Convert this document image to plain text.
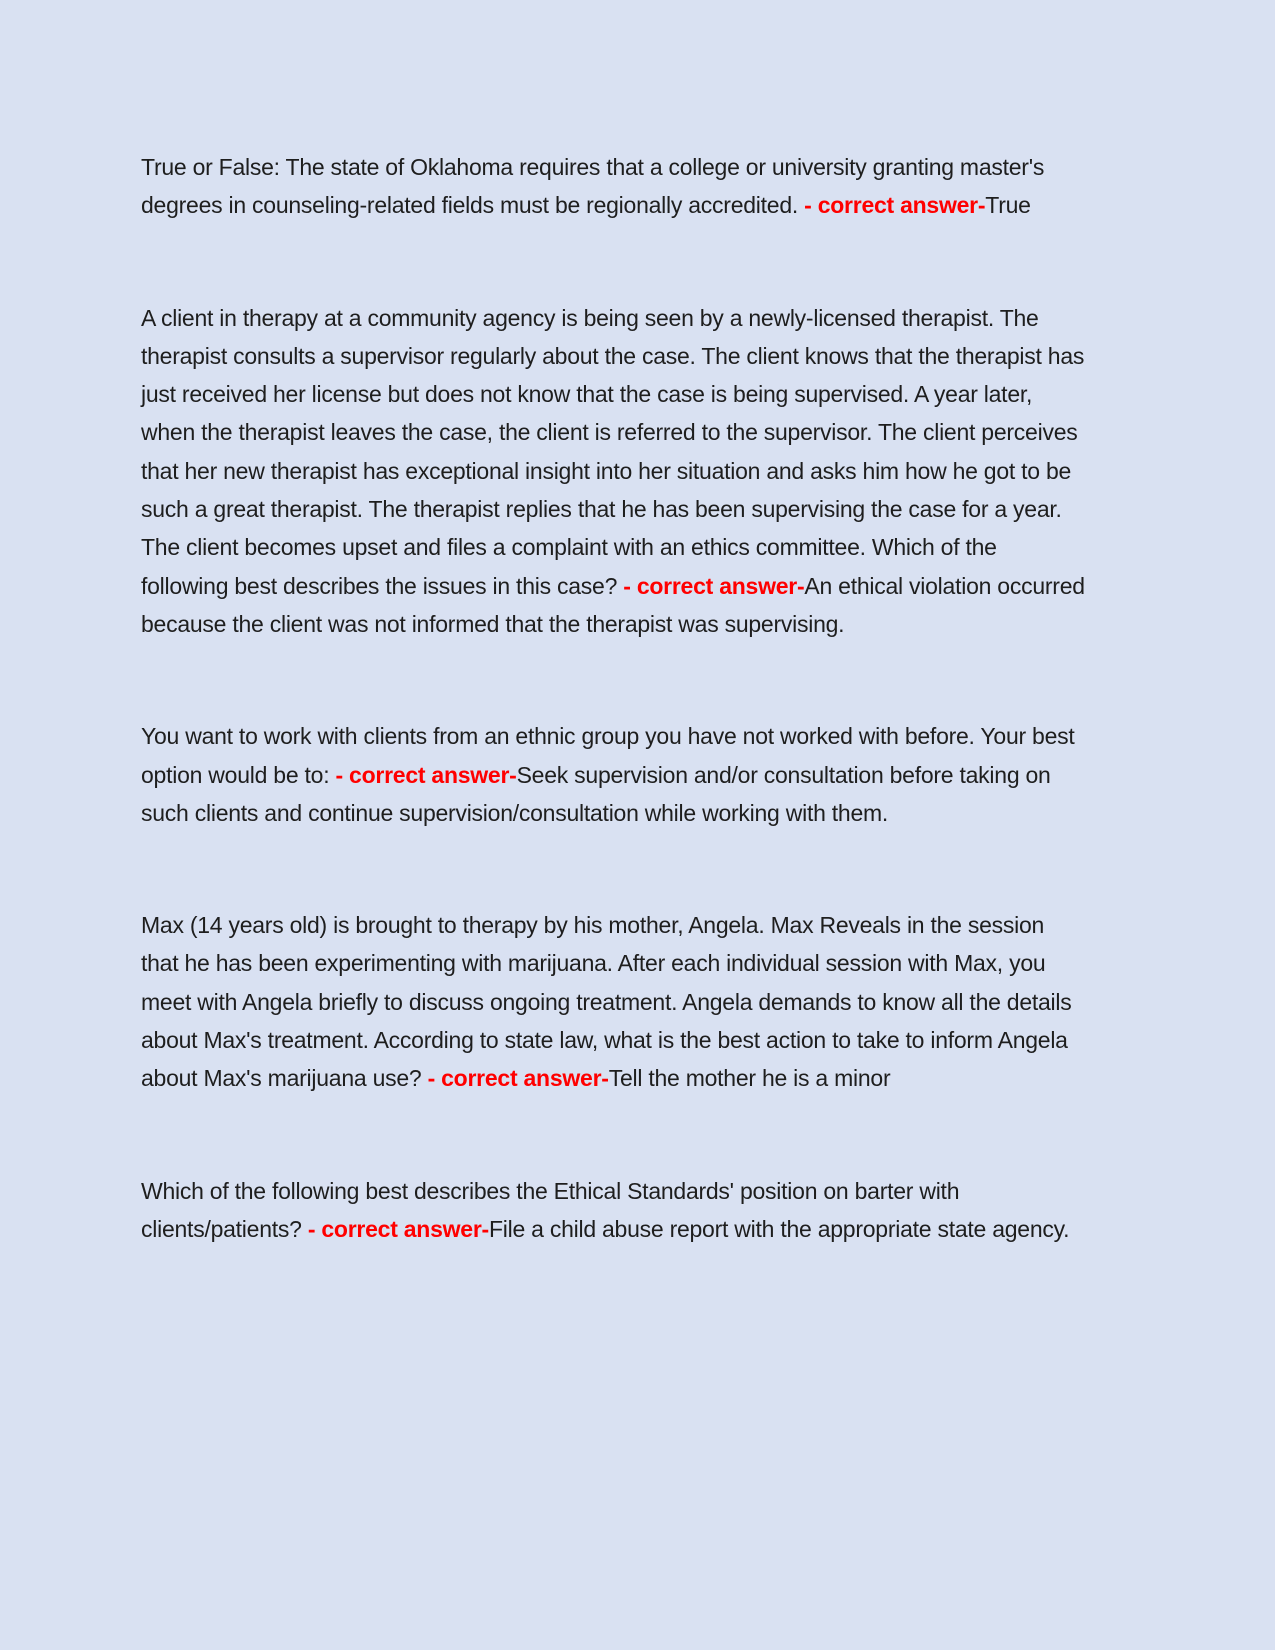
True or False: The state of Oklahoma requires that a college or university granting master's degrees in counseling-related fields must be regionally accredited. - correct answer-True

A client in therapy at a community agency is being seen by a newly-licensed therapist. The therapist consults a supervisor regularly about the case. The client knows that the therapist has just received her license but does not know that the case is being supervised. A year later, when the therapist leaves the case, the client is referred to the supervisor. The client perceives that her new therapist has exceptional insight into her situation and asks him how he got to be such a great therapist. The therapist replies that he has been supervising the case for a year. The client becomes upset and files a complaint with an ethics committee. Which of the following best describes the issues in this case? - correct answer-An ethical violation occurred because the client was not informed that the therapist was supervising.

You want to work with clients from an ethnic group you have not worked with before. Your best option would be to: - correct answer-Seek supervision and/or consultation before taking on such clients and continue supervision/consultation while working with them.

Max (14 years old) is brought to therapy by his mother, Angela. Max Reveals in the session that he has been experimenting with marijuana. After each individual session with Max, you meet with Angela briefly to discuss ongoing treatment. Angela demands to know all the details about Max's treatment. According to state law, what is the best action to take to inform Angela about Max's marijuana use? - correct answer-Tell the mother he is a minor

Which of the following best describes the Ethical Standards' position on barter with clients/patients? - correct answer-File a child abuse report with the appropriate state agency.
